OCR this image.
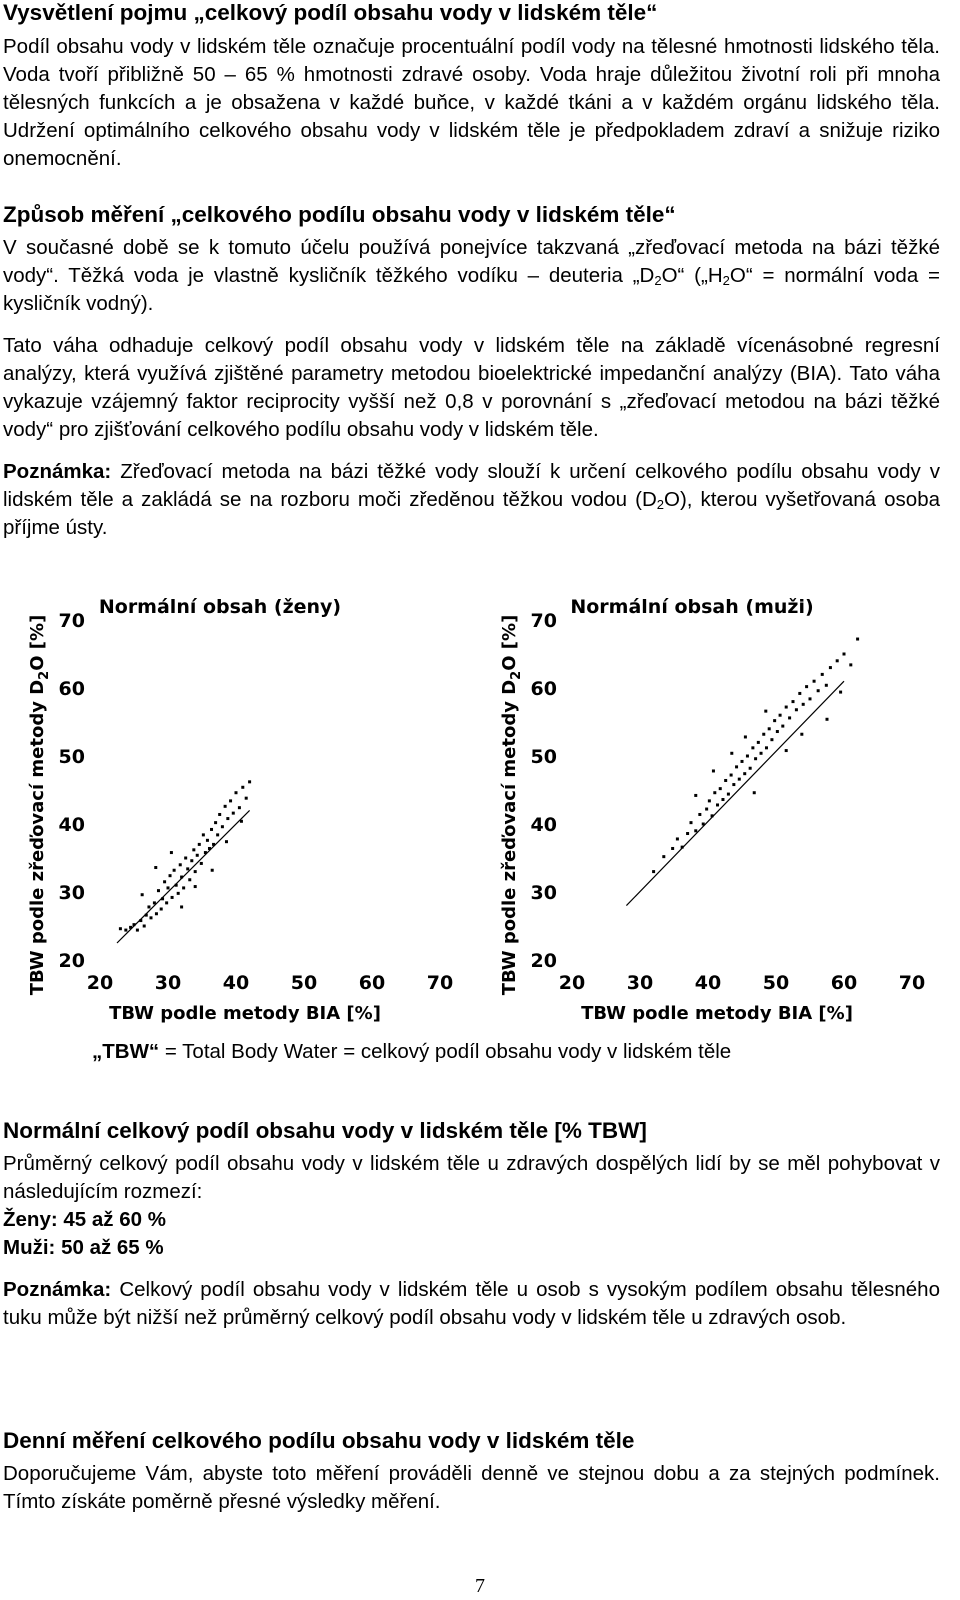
Vysvětlení pojmu „celkový podíl obsahu vody v lidském těle“

Podíl obsahu vody v lidském těle označuje procentuální podíl vody na tělesné hmotnosti lidského těla. Voda tvoří přibližně 50 – 65 % hmotnosti zdravé osoby. Voda hraje důležitou životní roli při mnoha tělesných funkcích a je obsažena v každé buňce, v každé tkáni a v každém orgánu lidského těla. Udržení optimálního celkového obsahu vody v lidském těle je předpokladem zdraví a snižuje riziko onemocnění.

Způsob měření „celkového podílu obsahu vody v lidském těle“

V současné době se k tomuto účelu používá ponejvíce takzvaná „zřeďovací metoda na bázi těžké vody“. Těžká voda je vlastně kysličník těžkého vodíku – deuteria $„D_2O“$ ($„H_2O“$ = normální voda = kysličník vodný).

Tato váha odhaduje celkový podíl obsahu vody v lidském těle na základě vícenásobné regresní analýzy, která využívá zjištěné parametry metodou bioelektrické impedanční analýzy (BIA). Tato váha vykazuje vzájemný faktor reciprocity vyšší než 0,8 v porovnání s „zřeďovací metodou na bázi těžké vody“ pro zjišťování celkového podílu obsahu vody v lidském těle.

Poznámka: Zřeďovací metoda na bázi těžké vody slouží k určení celkového podílu obsahu vody v lidském těle a zakládá se na rozboru moči zředěnou těžkou vodou $(D_2O)$, kterou vyšetřovaná osoba příjme ústy.

Normální obsah (ženy)
20
30
40
50
60
70
20 30 40 50 60 70
TBW podle metody BIA [%]
TBW podle zřeďovací metody $D_2O$ [%]
Normální obsah (muži)
20
30
40
50
60
70
20 30 40 50 60 70
TBW podle metody BIA [%]
TBW podle zřeďovací metody $D_2O$ [%]

„TBW“ = Total Body Water = celkový podíl obsahu vody v lidském těle

Normální celkový podíl obsahu vody v lidském těle [% TBW]

Průměrný celkový podíl obsahu vody v lidském těle u zdravých dospělých lidí by se měl pohybovat v následujícím rozmezí:

Ženy: 45 až 60 %

Muži: 50 až 65 %

Poznámka: Celkový podíl obsahu vody v lidském těle u osob s vysokým podílem obsahu tělesného tuku může být nižší než průměrný celkový podíl obsahu vody v lidském těle u zdravých osob.

Denní měření celkového podílu obsahu vody v lidském těle

Doporučujeme Vám, abyste toto měření prováděli denně ve stejnou dobu a za stejných podmínek. Tímto získáte poměrně přesné výsledky měření.

7
